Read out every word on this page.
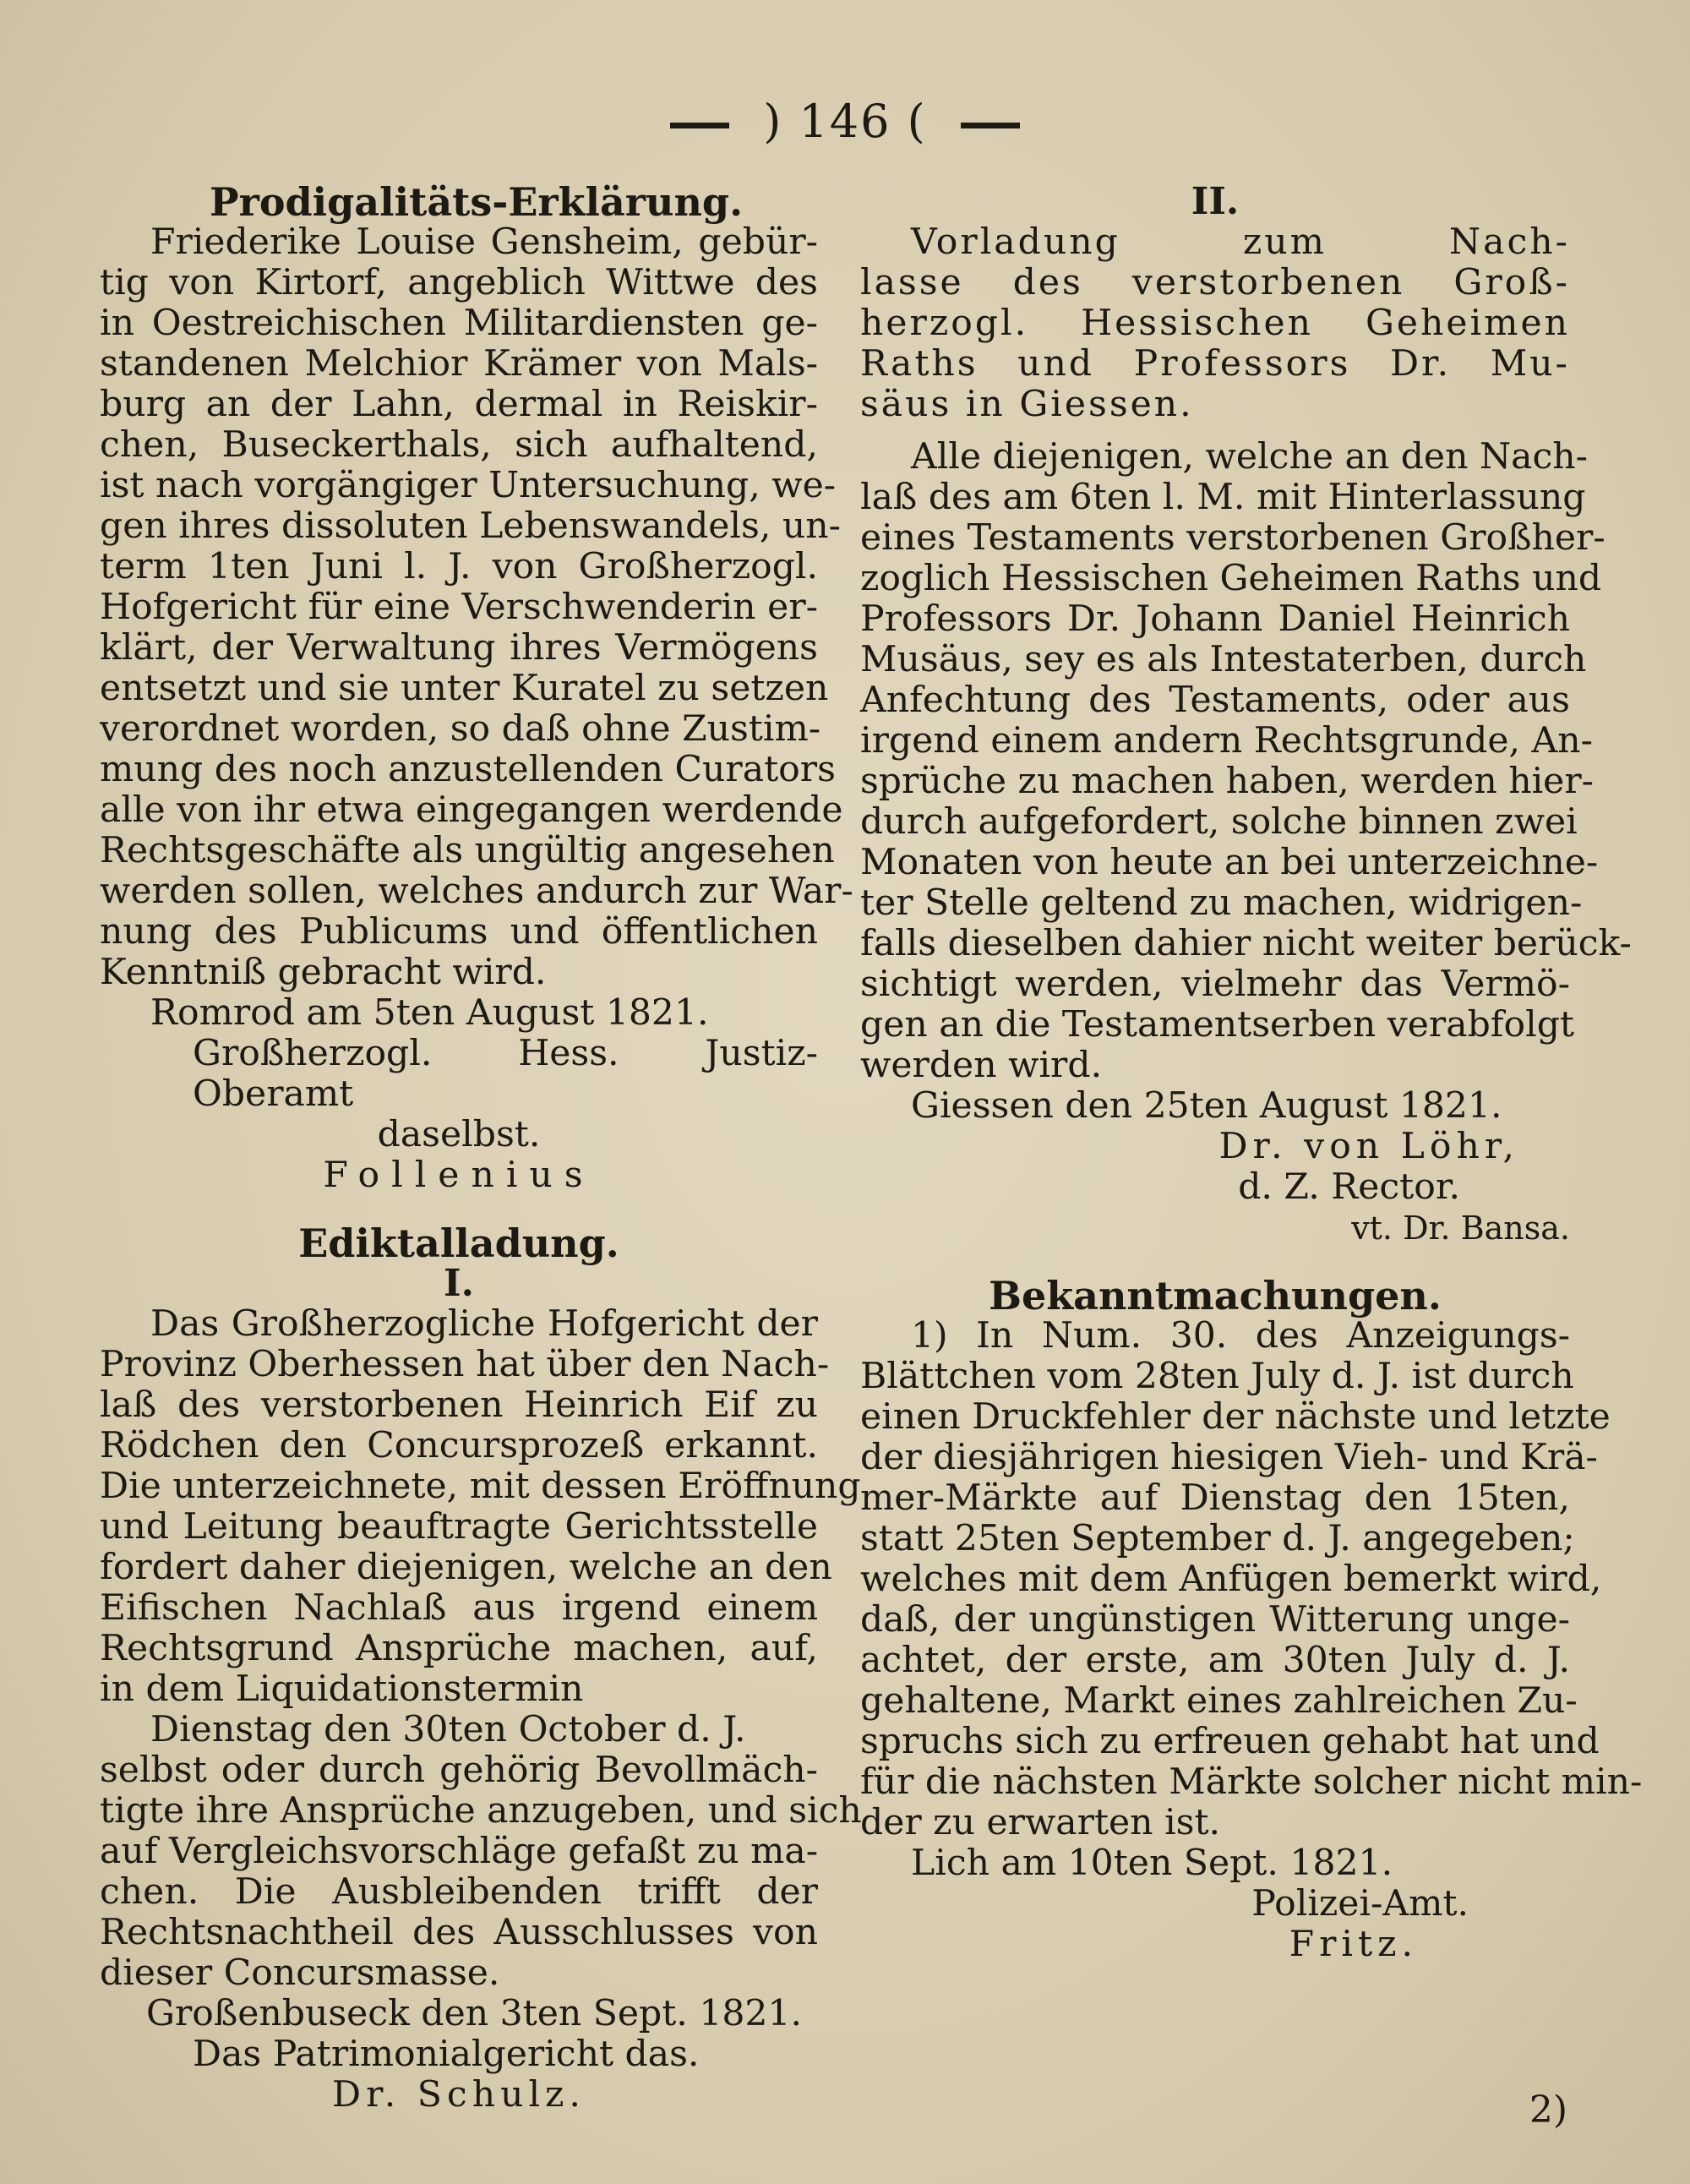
) 146 (
Prodigalitäts-Erklärung.
Friederike Louise Gensheim, gebür-
tig von Kirtorf, angeblich Wittwe des
in Oestreichischen Militardiensten ge-
standenen Melchior Krämer von Mals-
burg an der Lahn, dermal in Reiskir-
chen, Buseckerthals, sich aufhaltend,
ist nach vorgängiger Untersuchung, we-
gen ihres dissoluten Lebenswandels, un-
term 1ten Juni l. J. von Großherzogl.
Hofgericht für eine Verschwenderin er-
klärt, der Verwaltung ihres Vermögens
entsetzt und sie unter Kuratel zu setzen
verordnet worden, so daß ohne Zustim-
mung des noch anzustellenden Curators
alle von ihr etwa eingegangen werdende
Rechtsgeschäfte als ungültig angesehen
werden sollen, welches andurch zur War-
nung des Publicums und öffentlichen
Kenntniß gebracht wird.
Romrod am 5ten August 1821.
Großherzogl. Hess. Justiz-Oberamt
daselbst.
Follenius
Ediktalladung.
I.
Das Großherzogliche Hofgericht der
Provinz Oberhessen hat über den Nach-
laß des verstorbenen Heinrich Eif zu
Rödchen den Concursprozeß erkannt.
Die unterzeichnete, mit dessen Eröffnung
und Leitung beauftragte Gerichtsstelle
fordert daher diejenigen, welche an den
Eifischen Nachlaß aus irgend einem
Rechtsgrund Ansprüche machen, auf,
in dem Liquidationstermin
Dienstag den 30ten October d. J.
selbst oder durch gehörig Bevollmäch-
tigte ihre Ansprüche anzugeben, und sich
auf Vergleichsvorschläge gefaßt zu ma-
chen. Die Ausbleibenden trifft der
Rechtsnachtheil des Ausschlusses von
dieser Concursmasse.
Großenbuseck den 3ten Sept. 1821.
Das Patrimonialgericht das.
Dr. Schulz.
II.
Vorladung zum Nach-
lasse des verstorbenen Groß-
herzogl. Hessischen Geheimen
Raths und Professors Dr. Mu-
säus in Giessen.
Alle diejenigen, welche an den Nach-
laß des am 6ten l. M. mit Hinterlassung
eines Testaments verstorbenen Großher-
zoglich Hessischen Geheimen Raths und
Professors Dr. Johann Daniel Heinrich
Musäus, sey es als Intestaterben, durch
Anfechtung des Testaments, oder aus
irgend einem andern Rechtsgrunde, An-
sprüche zu machen haben, werden hier-
durch aufgefordert, solche binnen zwei
Monaten von heute an bei unterzeichne-
ter Stelle geltend zu machen, widrigen-
falls dieselben dahier nicht weiter berück-
sichtigt werden, vielmehr das Vermö-
gen an die Testamentserben verabfolgt
werden wird.
Giessen den 25ten August 1821.
Dr. von Löhr,
d. Z. Rector.
vt. Dr. Bansa.
Bekanntmachungen.
1) In Num. 30. des Anzeigungs-
Blättchen vom 28ten July d. J. ist durch
einen Druckfehler der nächste und letzte
der diesjährigen hiesigen Vieh- und Krä-
mer-Märkte auf Dienstag den 15ten,
statt 25ten September d. J. angegeben;
welches mit dem Anfügen bemerkt wird,
daß, der ungünstigen Witterung unge-
achtet, der erste, am 30ten July d. J.
gehaltene, Markt eines zahlreichen Zu-
spruchs sich zu erfreuen gehabt hat und
für die nächsten Märkte solcher nicht min-
der zu erwarten ist.
Lich am 10ten Sept. 1821.
Polizei-Amt.
Fritz.
2)
